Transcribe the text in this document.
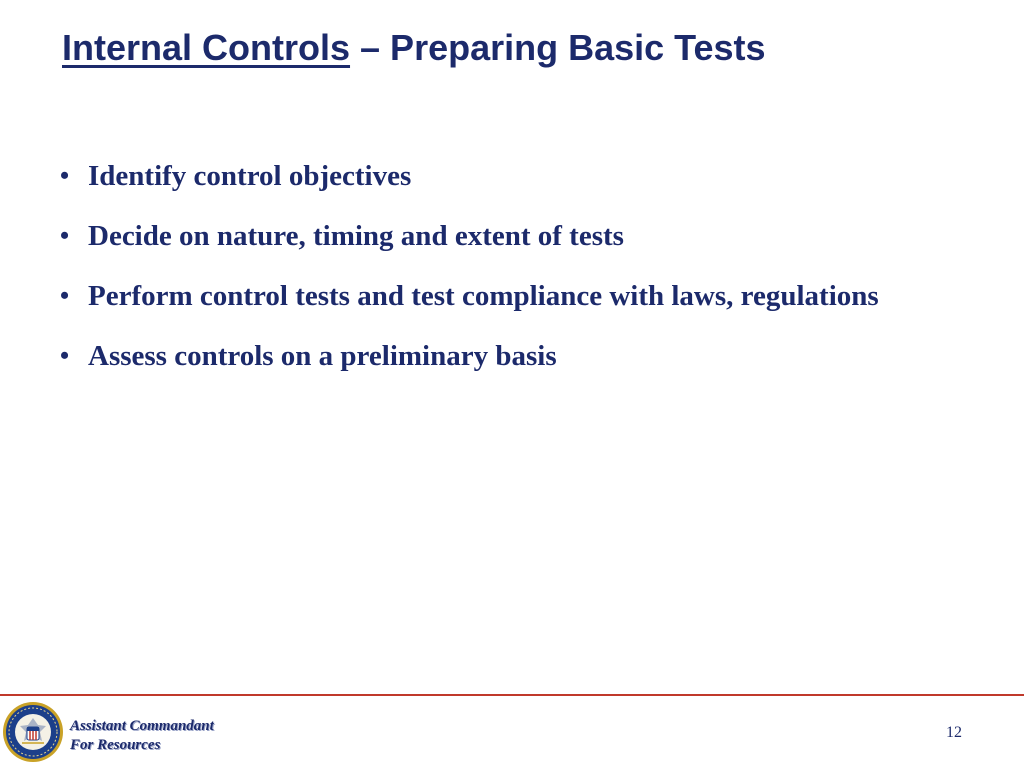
Internal Controls – Preparing Basic Tests
• Identify control objectives
• Decide on nature, timing and extent of tests
• Perform control tests and test compliance with laws, regulations
• Assess controls on a preliminary basis
Assistant Commandant
For Resources
12
